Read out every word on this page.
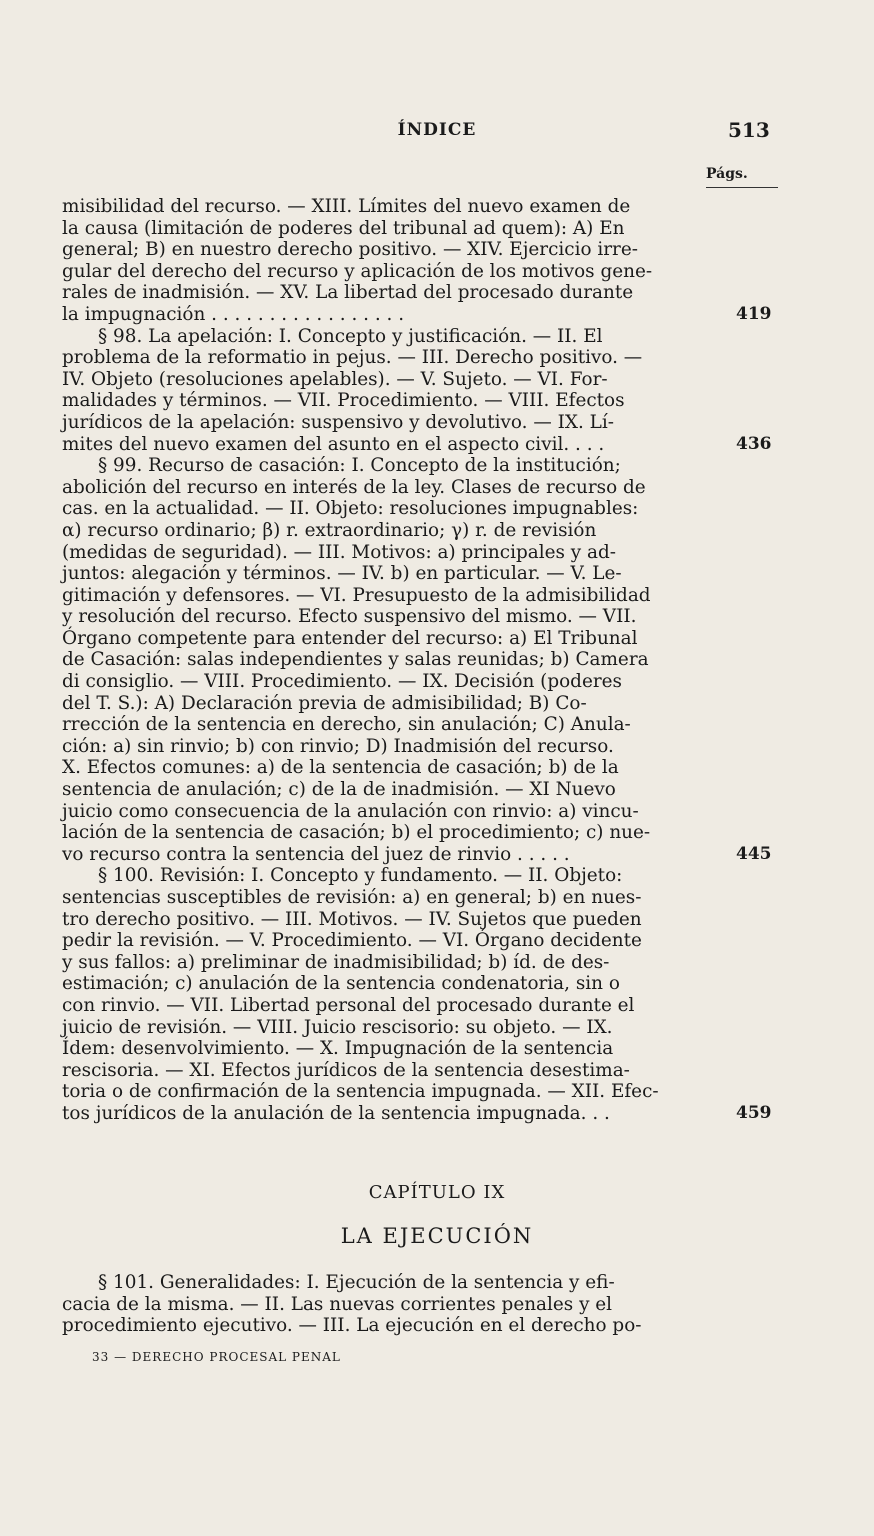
ÍNDICE	513
Págs.
misibilidad del recurso. — XIII. Límites del nuevo examen de
la causa (limitación de poderes del tribunal ad quem): A) En
general; B) en nuestro derecho positivo. — XIV. Ejercicio irre-
gular del derecho del recurso y aplicación de los motivos gene-
rales de inadmisión. — XV. La libertad del procesado durante
la impugnación . . . . . . . . . . . . . . . . .	419
§ 98. La apelación: I. Concepto y justificación. — II. El
problema de la reformatio in pejus. — III. Derecho positivo. —
IV. Objeto (resoluciones apelables). — V. Sujeto. — VI. For-
malidades y términos. — VII. Procedimiento. — VIII. Efectos
jurídicos de la apelación: suspensivo y devolutivo. — IX. Lí-
mites del nuevo examen del asunto en el aspecto civil. . . .	436
§ 99. Recurso de casación: I. Concepto de la institución;
abolición del recurso en interés de la ley. Clases de recurso de
cas. en la actualidad. — II. Objeto: resoluciones impugnables:
α) recurso ordinario; β) r. extraordinario; γ) r. de revisión
(medidas de seguridad). — III. Motivos: a) principales y ad-
juntos: alegación y términos. — IV. b) en particular. — V. Le-
gitimación y defensores. — VI. Presupuesto de la admisibilidad
y resolución del recurso. Efecto suspensivo del mismo. — VII.
Órgano competente para entender del recurso: a) El Tribunal
de Casación: salas independientes y salas reunidas; b) Camera
di consiglio. — VIII. Procedimiento. — IX. Decisión (poderes
del T. S.): A) Declaración previa de admisibilidad; B) Co-
rrección de la sentencia en derecho, sin anulación; C) Anula-
ción: a) sin rinvio; b) con rinvio; D) Inadmisión del recurso.
X. Efectos comunes: a) de la sentencia de casación; b) de la
sentencia de anulación; c) de la de inadmisión. — XI Nuevo
juicio como consecuencia de la anulación con rinvio: a) vincu-
lación de la sentencia de casación; b) el procedimiento; c) nue-
vo recurso contra la sentencia del juez de rinvio . . . . .	445
§ 100. Revisión: I. Concepto y fundamento. — II. Objeto:
sentencias susceptibles de revisión: a) en general; b) en nues-
tro derecho positivo. — III. Motivos. — IV. Sujetos que pueden
pedir la revisión. — V. Procedimiento. — VI. Órgano decidente
y sus fallos: a) preliminar de inadmisibilidad; b) íd. de des-
estimación; c) anulación de la sentencia condenatoria, sin o
con rinvio. — VII. Libertad personal del procesado durante el
juicio de revisión. — VIII. Juicio rescisorio: su objeto. — IX.
Ídem: desenvolvimiento. — X. Impugnación de la sentencia
rescisoria. — XI. Efectos jurídicos de la sentencia desestima-
toria o de confirmación de la sentencia impugnada. — XII. Efec-
tos jurídicos de la anulación de la sentencia impugnada. . .	459
CAPÍTULO IX
LA EJECUCIÓN
§ 101. Generalidades: I. Ejecución de la sentencia y efi-
cacia de la misma. — II. Las nuevas corrientes penales y el
procedimiento ejecutivo. — III. La ejecución en el derecho po-
33 — DERECHO PROCESAL PENAL
